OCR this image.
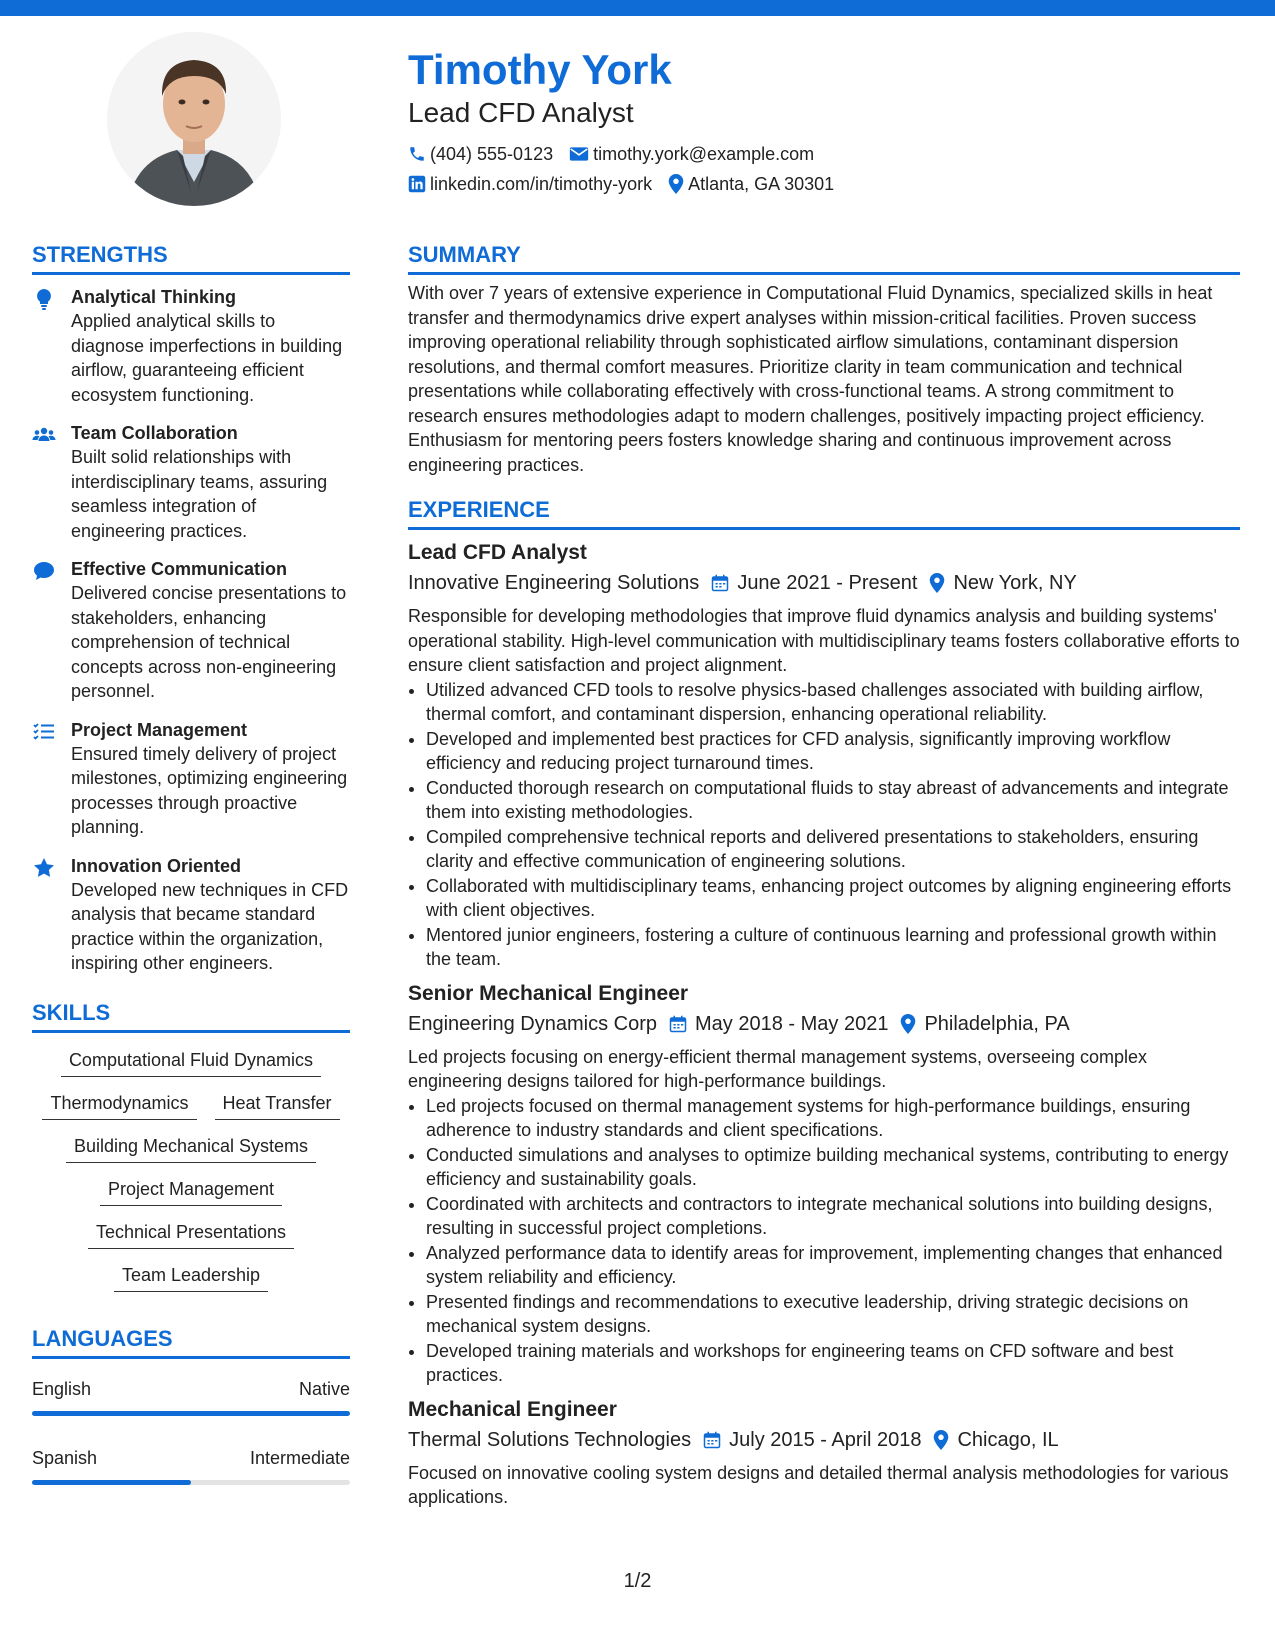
Timothy York
Lead CFD Analyst
(404) 555-0123 timothy.york@example.com
linkedin.com/in/timothy-york Atlanta, GA 30301
STRENGTHS
Analytical Thinking
Applied analytical skills to diagnose imperfections in building airflow, guaranteeing efficient ecosystem functioning.
Team Collaboration
Built solid relationships with interdisciplinary teams, assuring seamless integration of engineering practices.
Effective Communication
Delivered concise presentations to stakeholders, enhancing comprehension of technical concepts across non-engineering personnel.
Project Management
Ensured timely delivery of project milestones, optimizing engineering processes through proactive planning.
Innovation Oriented
Developed new techniques in CFD analysis that became standard practice within the organization, inspiring other engineers.
SKILLS
Computational Fluid Dynamics
Thermodynamics	Heat Transfer
Building Mechanical Systems
Project Management
Technical Presentations
Team Leadership
LANGUAGES
English	Native
Spanish	Intermediate
SUMMARY

With over 7 years of extensive experience in Computational Fluid Dynamics, specialized skills in heat transfer and thermodynamics drive expert analyses within mission-critical facilities. Proven success improving operational reliability through sophisticated airflow simulations, contaminant dispersion resolutions, and thermal comfort measures. Prioritize clarity in team communication and technical presentations while collaborating effectively with cross-functional teams. A strong commitment to research ensures methodologies adapt to modern challenges, positively impacting project efficiency. Enthusiasm for mentoring peers fosters knowledge sharing and continuous improvement across engineering practices.

EXPERIENCE
Lead CFD Analyst
Innovative Engineering Solutions June 2021 - Present New York, NY

Responsible for developing methodologies that improve fluid dynamics analysis and building systems' operational stability. High-level communication with multidisciplinary teams fosters collaborative efforts to ensure client satisfaction and project alignment.

• Utilized advanced CFD tools to resolve physics-based challenges associated with building airflow, thermal comfort, and contaminant dispersion, enhancing operational reliability.
• Developed and implemented best practices for CFD analysis, significantly improving workflow efficiency and reducing project turnaround times.
• Conducted thorough research on computational fluids to stay abreast of advancements and integrate them into existing methodologies.
• Compiled comprehensive technical reports and delivered presentations to stakeholders, ensuring clarity and effective communication of engineering solutions.
• Collaborated with multidisciplinary teams, enhancing project outcomes by aligning engineering efforts with client objectives.
• Mentored junior engineers, fostering a culture of continuous learning and professional growth within the team.
Senior Mechanical Engineer
Engineering Dynamics Corp May 2018 - May 2021 Philadelphia, PA

Led projects focusing on energy-efficient thermal management systems, overseeing complex engineering designs tailored for high-performance buildings.

• Led projects focused on thermal management systems for high-performance buildings, ensuring adherence to industry standards and client specifications.
• Conducted simulations and analyses to optimize building mechanical systems, contributing to energy efficiency and sustainability goals.
• Coordinated with architects and contractors to integrate mechanical solutions into building designs, resulting in successful project completions.
• Analyzed performance data to identify areas for improvement, implementing changes that enhanced system reliability and efficiency.
• Presented findings and recommendations to executive leadership, driving strategic decisions on mechanical system designs.
• Developed training materials and workshops for engineering teams on CFD software and best practices.
Mechanical Engineer
Thermal Solutions Technologies July 2015 - April 2018 Chicago, IL

Focused on innovative cooling system designs and detailed thermal analysis methodologies for various applications.

1/2
